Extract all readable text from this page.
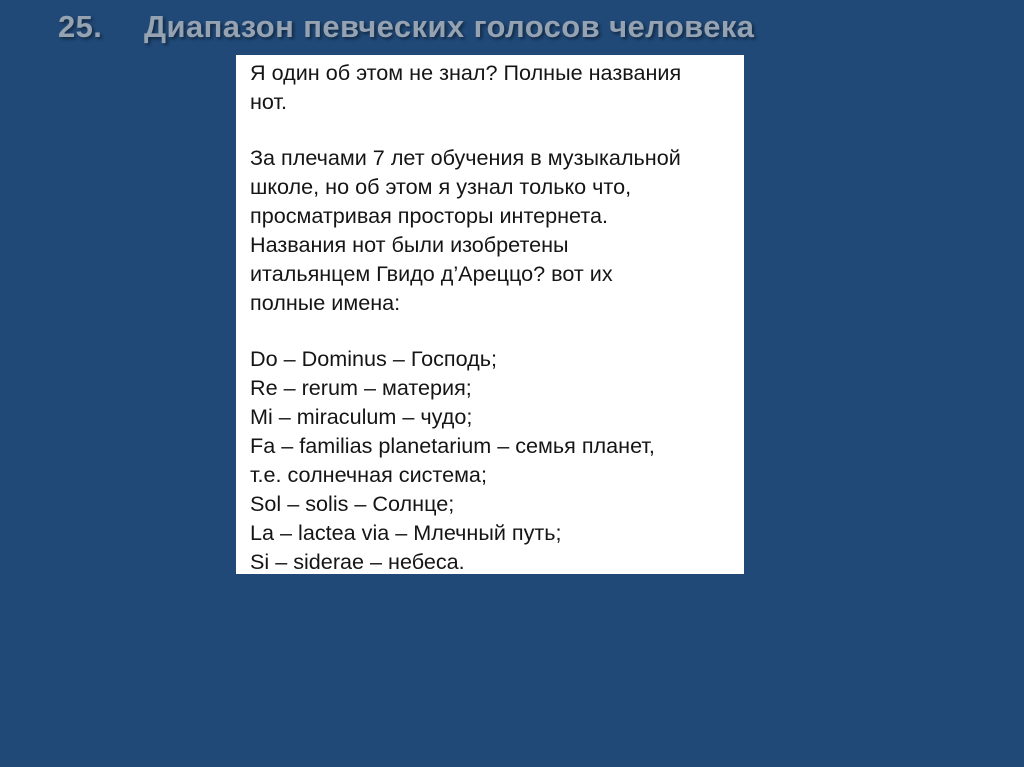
25. Диапазон певческих голосов человека

Я один об этом не знал? Полные названия

нот.

За плечами 7 лет обучения в музыкальной

школе, но об этом я узнал только что,

просматривая просторы интернета.

Названия нот были изобретены

итальянцем Гвидо д’Ареццо? вот их

полные имена:

Do – Dominus – Господь;

Re – rerum – материя;

Mi – miraculum – чудо;

Fa – familias planetarium – семья планет,

т.е. солнечная система;

Sol – solis – Солнце;

La – lactea via – Млечный путь;

Si – siderae – небеса.
